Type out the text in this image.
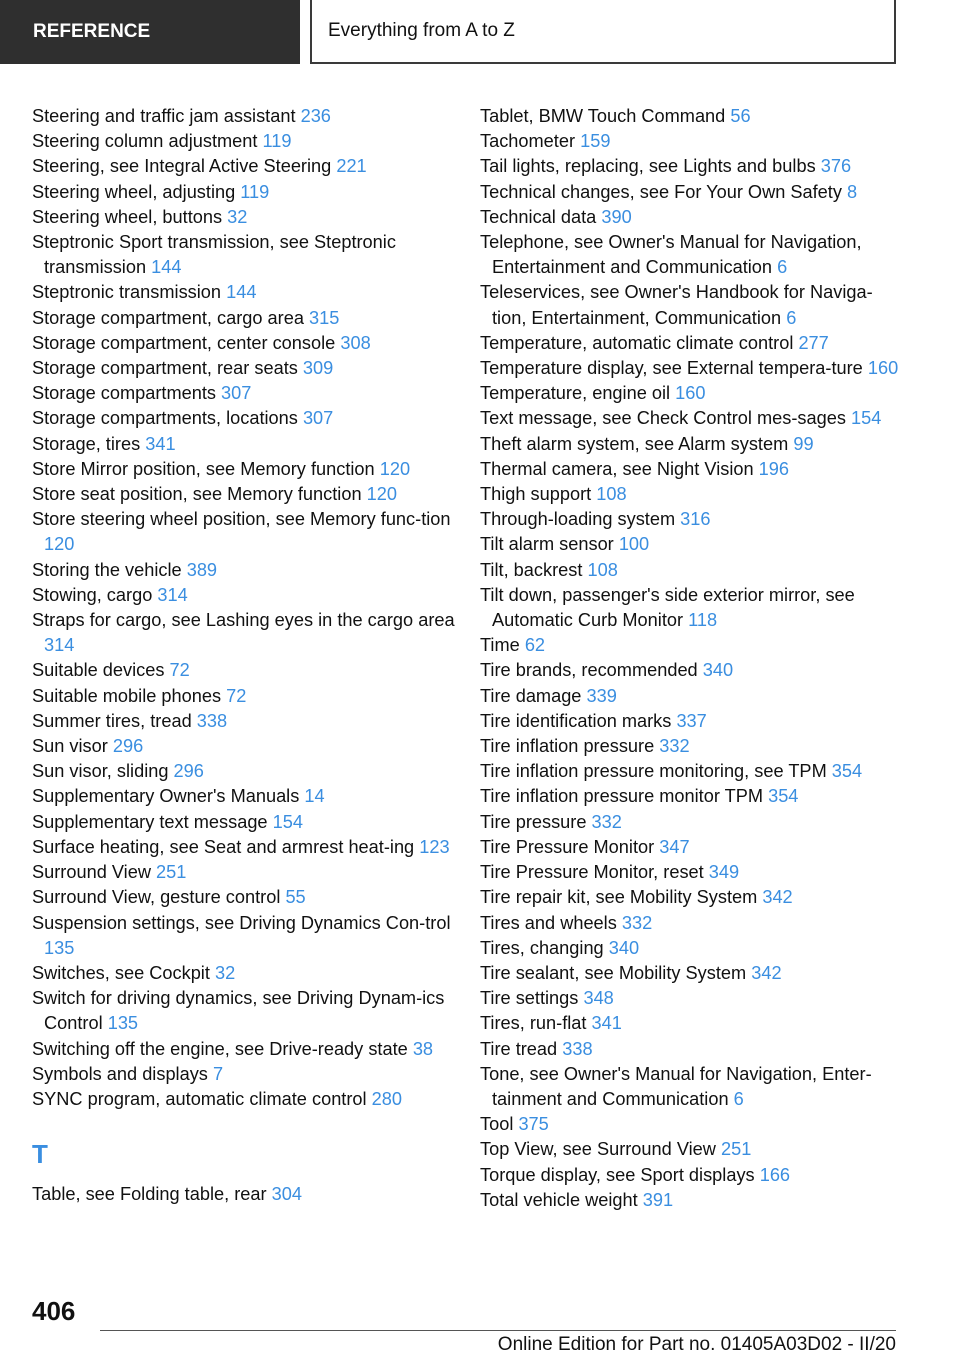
REFERENCE	Everything from A to Z
Steering and traffic jam assistant 236
Steering column adjustment 119
Steering, see Integral Active Steering 221
Steering wheel, adjusting 119
Steering wheel, buttons 32
Steptronic Sport transmission, see Steptronic transmission 144
Steptronic transmission 144
Storage compartment, cargo area 315
Storage compartment, center console 308
Storage compartment, rear seats 309
Storage compartments 307
Storage compartments, locations 307
Storage, tires 341
Store Mirror position, see Memory function 120
Store seat position, see Memory function 120
Store steering wheel position, see Memory func‐tion 120
Storing the vehicle 389
Stowing, cargo 314
Straps for cargo, see Lashing eyes in the cargo area 314
Suitable devices 72
Suitable mobile phones 72
Summer tires, tread 338
Sun visor 296
Sun visor, sliding 296
Supplementary Owner's Manuals 14
Supplementary text message 154
Surface heating, see Seat and armrest heat‐ing 123
Surround View 251
Surround View, gesture control 55
Suspension settings, see Driving Dynamics Con‐trol 135
Switches, see Cockpit 32
Switch for driving dynamics, see Driving Dynam‐ics Control 135
Switching off the engine, see Drive-ready state 38
Symbols and displays 7
SYNC program, automatic climate control 280
T
Table, see Folding table, rear 304
Tablet, BMW Touch Command 56
Tachometer 159
Tail lights, replacing, see Lights and bulbs 376
Technical changes, see For Your Own Safety 8
Technical data 390
Telephone, see Owner's Manual for Navigation, Entertainment and Communication 6
Teleservices, see Owner's Handbook for Naviga‐tion, Entertainment, Communication 6
Temperature, automatic climate control 277
Temperature display, see External tempera‐ture 160
Temperature, engine oil 160
Text message, see Check Control mes‐sages 154
Theft alarm system, see Alarm system 99
Thermal camera, see Night Vision 196
Thigh support 108
Through-loading system 316
Tilt alarm sensor 100
Tilt, backrest 108
Tilt down, passenger's side exterior mirror, see Automatic Curb Monitor 118
Time 62
Tire brands, recommended 340
Tire damage 339
Tire identification marks 337
Tire inflation pressure 332
Tire inflation pressure monitoring, see TPM 354
Tire inflation pressure monitor TPM 354
Tire pressure 332
Tire Pressure Monitor 347
Tire Pressure Monitor, reset 349
Tire repair kit, see Mobility System 342
Tires and wheels 332
Tires, changing 340
Tire sealant, see Mobility System 342
Tire settings 348
Tires, run-flat 341
Tire tread 338
Tone, see Owner's Manual for Navigation, Enter‐tainment and Communication 6
Tool 375
Top View, see Surround View 251
Torque display, see Sport displays 166
Total vehicle weight 391
406
Online Edition for Part no. 01405A03D02 - II/20
